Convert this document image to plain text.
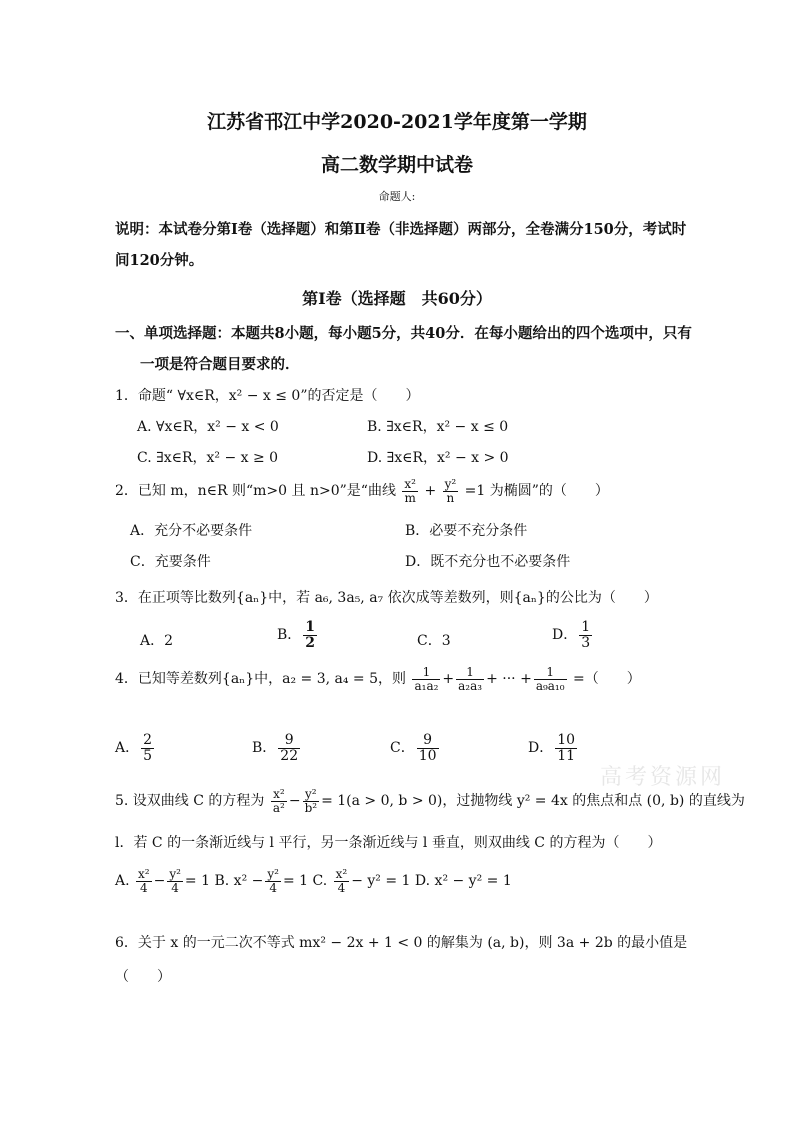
江苏省邗江中学2020-2021学年度第一学期
高二数学期中试卷
命题人:
说明：本试卷分第Ⅰ卷（选择题）和第Ⅱ卷（非选择题）两部分，全卷满分150分，考试时
间120分钟。
第Ⅰ卷（选择题　共60分）
一、单项选择题：本题共8小题，每小题5分，共40分．在每小题给出的四个选项中，只有
一项是符合题目要求的．
1．命题“ ∀x∈R，x² − x ≤ 0”的否定是（　　）
A. ∀x∈R，x² − x < 0	B. ∃x∈R，x² − x ≤ 0
C. ∃x∈R，x² − x ≥ 0	D. ∃x∈R，x² − x > 0
2．已知 m，n∈R 则“m>0 且 n>0”是“曲线 $\frac{\text{x²}}{m} + \frac{\text{y²}}{n} =1$ 为椭圆”的（　　）
A．充分不必要条件	B．必要不充分条件
C．充要条件	D．既不充分也不必要条件
3．在正项等比数列{aₙ}中，若 a₆, 3a₅, a₇ 依次成等差数列，则{aₙ}的公比为（　　）
A．2	B． $\frac{1}{2}$	C．3	D． $\frac{1}{3}$
4．已知等差数列{aₙ}中，a₂ = 3, a₄ = 5，则 $\frac{1}{\text{a₁a₂}} + \frac{1}{\text{a₂a₃}}$ + ··· + $\frac{1}{\text{a₉a₁₀}}$ =（　　）
A． $\frac{2}{5}$	B． $\frac{9}{22}$	C． $\frac{9}{10}$	D． $\frac{10}{11}$
高考资源网
5. 设双曲线 C 的方程为 $\frac{\text{x²}}{\text{a²}} - \frac{\text{y²}}{\text{b²}} = 1(a > 0$, b > 0)，过抛物线 y² = 4x 的焦点和点 (0, b) 的直线为
l．若 C 的一条渐近线与 l 平行，另一条渐近线与 l 垂直，则双曲线 C 的方程为（　　）
A. $\frac{\text{x²}}{4} - \frac{\text{y²}}{4} = 1$ B. $x^2 - \frac{\text{y²}}{4} = 1$ C. $\frac{\text{x²}}{4} - y^2 = 1$ D. x² − y² = 1
6．关于 x 的一元二次不等式 mx² − 2x + 1 < 0 的解集为 (a, b)，则 3a + 2b 的最小值是
（　　）
